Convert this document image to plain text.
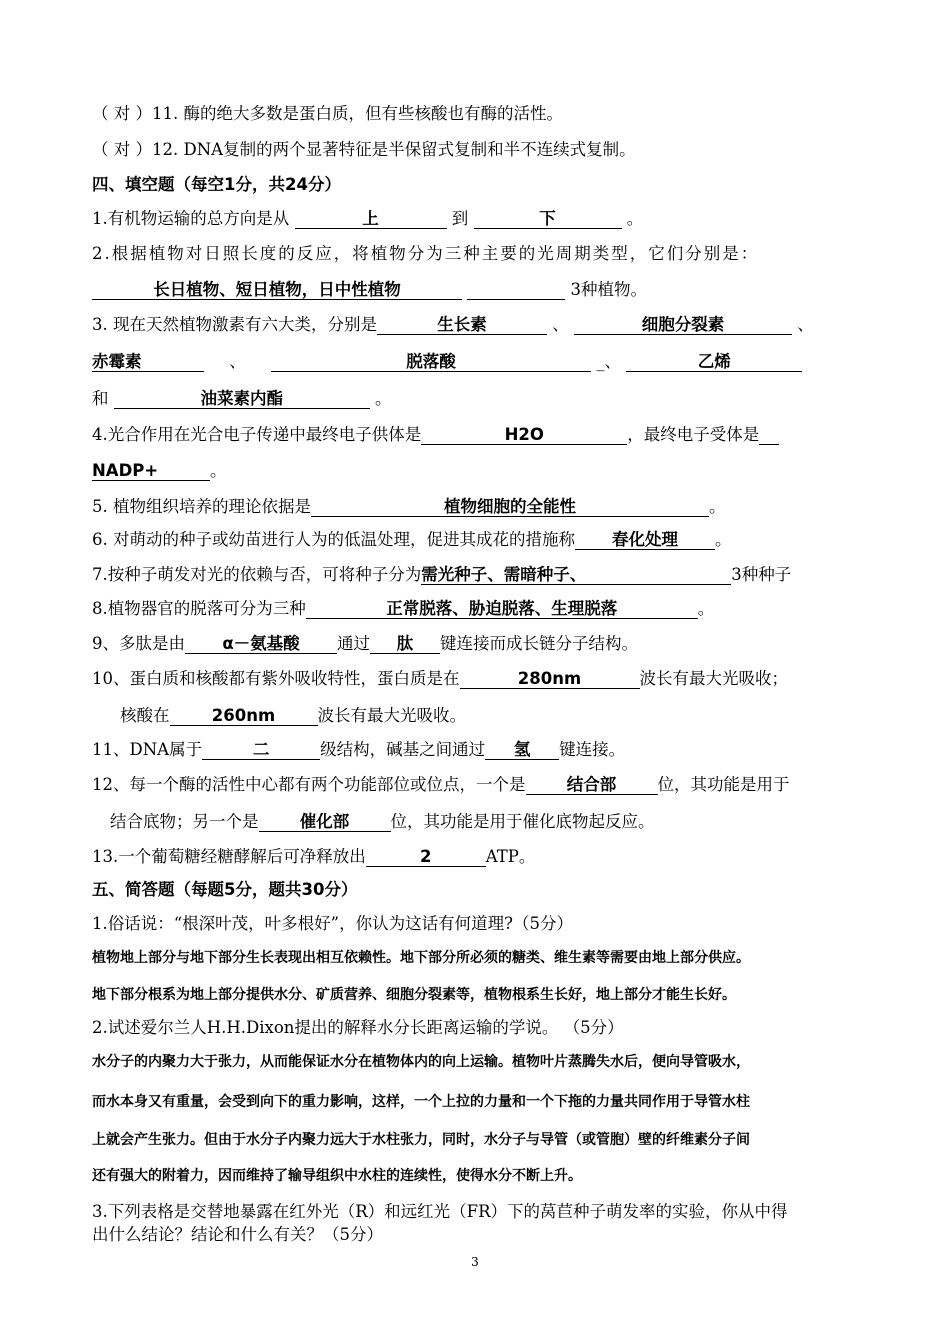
（ 对 ）11. 酶的绝大多数是蛋白质，但有些核酸也有酶的活性。
（ 对 ）12. DNA复制的两个显著特征是半保留式复制和半不连续式复制。
四、填空题（每空1分，共24分）
1.有机物运输的总方向是从	上	到	下	。
2.根据植物对日照长度的反应，将植物分为三种主要的光周期类型，它们分别是：
长日植物、短日植物，日中性植物	3种植物。
3. 现在天然植物激素有六大类，分别是	生长素	、	细胞分裂素	、
赤霉素	、	脱落酸	_、	乙烯
和	油菜素内酯	。
4.光合作用在光合电子传递中最终电子供体是	H2O	，最终电子受体是
NADP+	。
5. 植物组织培养的理论依据是	植物细胞的全能性	。
6. 对萌动的种子或幼苗进行人为的低温处理，促进其成花的措施称 春化处理 。
7.按种子萌发对光的依赖与否，可将种子分为需光种子、需暗种子、	3种种子
8.植物器官的脱落可分为三种	正常脱落、胁迫脱落、生理脱落	。
9、多肽是由 α－氨基酸 通过 肽 键连接而成长链分子结构。
10、蛋白质和核酸都有紫外吸收特性，蛋白质是在	280nm	波长有最大光吸收；
核酸在	260nm	波长有最大光吸收。
11、DNA属于	二	级结构，碱基之间通过 氢 键连接。
12、每一个酶的活性中心都有两个功能部位或位点，一个是	结合部	位，其功能是用于
结合底物；另一个是	催化部	位，其功能是用于催化底物起反应。
13.一个葡萄糖经糖酵解后可净释放出	2	ATP。
五、简答题（每题5分，题共30分）
1.俗话说：“根深叶茂，叶多根好”，你认为这话有何道理?（5分）
植物地上部分与地下部分生长表现出相互依赖性。地下部分所必须的糖类、维生素等需要由地上部分供应。
地下部分根系为地上部分提供水分、矿质营养、细胞分裂素等，植物根系生长好，地上部分才能生长好。
2.试述爱尔兰人H.H.Dixon提出的解释水分长距离运输的学说。 （5分）
水分子的内聚力大于张力，从而能保证水分在植物体内的向上运输。植物叶片蒸腾失水后，便向导管吸水，
而水本身又有重量，会受到向下的重力影响，这样，一个上拉的力量和一个下拖的力量共同作用于导管水柱
上就会产生张力。但由于水分子内聚力远大于水柱张力，同时，水分子与导管（或管胞）壁的纤维素分子间
还有强大的附着力，因而维持了输导组织中水柱的连续性，使得水分不断上升。
3.下列表格是交替地暴露在红外光（R）和远红光（FR）下的莴苣种子萌发率的实验，你从中得
出什么结论？结论和什么有关？（5分）
3
